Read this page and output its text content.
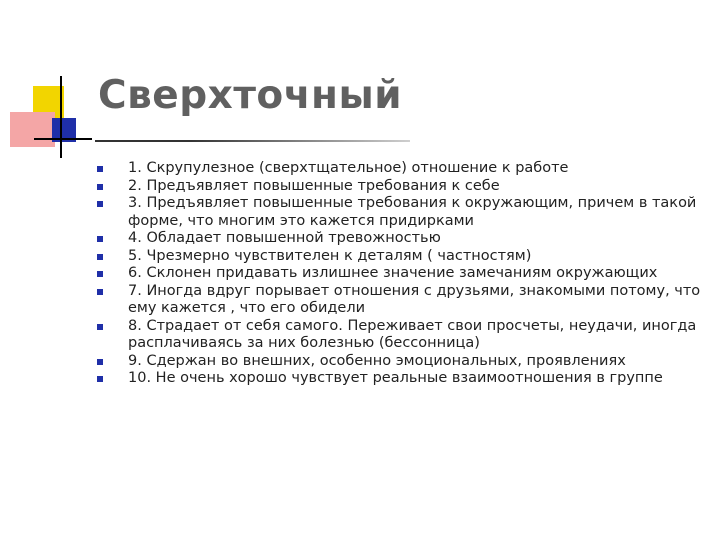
Сверхточный
1. Скрупулезное (сверхтщательное) отношение к работе
2. Предъявляет повышенные требования к себе
3. Предъявляет повышенные требования к окружающим, причем в такой форме, что многим это кажется придирками
4. Обладает повышенной тревожностью
5. Чрезмерно чувствителен к деталям ( частностям)
6. Склонен придавать излишнее значение замечаниям окружающих
7. Иногда вдруг порывает отношения с друзьями, знакомыми потому, что ему кажется , что его обидели
8. Страдает от себя самого. Переживает свои просчеты, неудачи, иногда расплачиваясь за них болезнью (бессонница)
9. Сдержан во внешних, особенно эмоциональных, проявлениях
10. Не очень хорошо чувствует реальные взаимоотношения в группе
